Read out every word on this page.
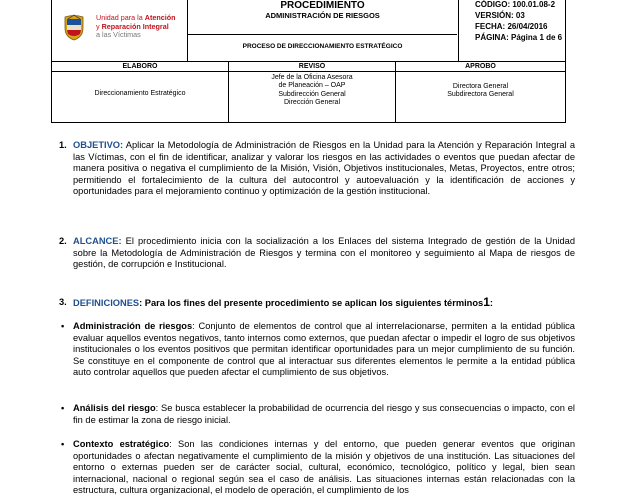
Unidad para la Atención
y Reparación Integral
a las Víctimas
PROCEDIMIENTO
ADMINISTRACIÓN DE RIESGOS
PROCESO DE DIRECCIONAMIENTO ESTRATÉGICO
CÓDIGO: 100.01.08-2
VERSIÓN: 03
FECHA: 26/04/2016
PÁGINA: Página 1 de 6
ELABORÓ	REVISÓ	APROBÓ
Direccionamiento Estratégico
Jefe de la Oficina Asesora
de Planeación – OAP
Subdirección General
Dirección General
Directora General
Subdirectora General
1. OBJETIVO: Aplicar la Metodología de Administración de Riesgos en la Unidad para la Atención y Reparación Integral a las Víctimas, con el fin de identificar, analizar y valorar los riesgos en las actividades o eventos que puedan afectar de manera positiva o negativa el cumplimiento de la Misión, Visión, Objetivos institucionales, Metas, Proyectos, entre otros; permitiendo el fortalecimiento de la cultura del autocontrol y autoevaluación y la identificación de acciones y oportunidades para el mejoramiento continuo y optimización de la gestión institucional.
2. ALCANCE: El procedimiento inicia con la socialización a los Enlaces del sistema Integrado de gestión de la Unidad sobre la Metodología de Administración de Riesgos y termina con el monitoreo y seguimiento al Mapa de riesgos de gestión, de corrupción e Institucional.
3. DEFINICIONES: Para los fines del presente procedimiento se aplican los siguientes términos1:
• Administración de riesgos: Conjunto de elementos de control que al interrelacionarse, permiten a la entidad pública evaluar aquellos eventos negativos, tanto internos como externos, que puedan afectar o impedir el logro de sus objetivos institucionales o los eventos positivos que permitan identificar oportunidades para un mejor cumplimiento de su función. Se constituye en el componente de control que al interactuar sus diferentes elementos le permite a la entidad pública auto controlar aquellos que pueden afectar el cumplimiento de sus objetivos.
• Análisis del riesgo: Se busca establecer la probabilidad de ocurrencia del riesgo y sus consecuencias o impacto, con el fin de estimar la zona de riesgo inicial.
• Contexto estratégico: Son las condiciones internas y del entorno, que pueden generar eventos que originan oportunidades o afectan negativamente el cumplimiento de la misión y objetivos de una institución. Las situaciones del entorno o externas pueden ser de carácter social, cultural, económico, tecnológico, político y legal, bien sean internacional, nacional o regional según sea el caso de análisis. Las situaciones internas están relacionadas con la estructura, cultura organizacional, el modelo de operación, el cumplimiento de los
